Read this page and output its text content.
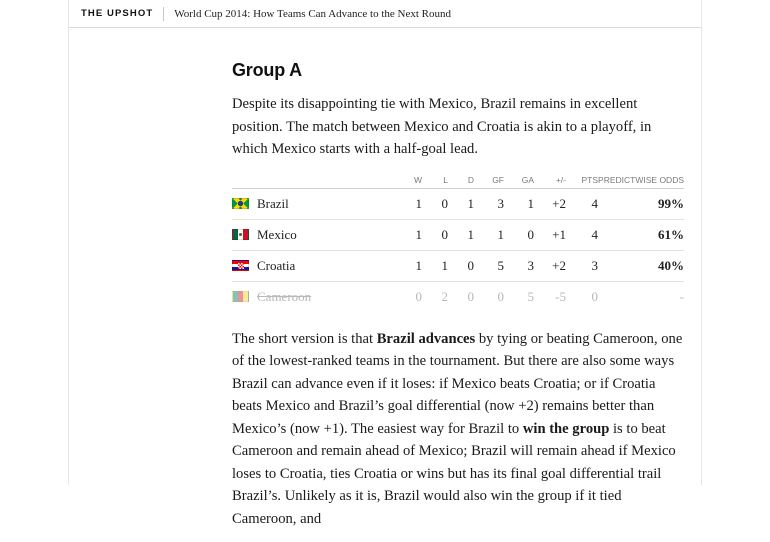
THE UPSHOT World Cup 2014: How Teams Can Advance to the Next Round
Group A

Despite its disappointing tie with Mexico, Brazil remains in excellent position. The match between Mexico and Croatia is akin to a playoff, in which Mexico starts with a half-goal lead.

	W	L	D	GF	GA	+/-	PTS	PREDICTWISE ODDS

Brazil	1	0	1	3	1	+2	4	99%

Mexico	1	0	1	1	0	+1	4	61%

Croatia	1	1	0	5	3	+2	3	40%

Cameroon	0	2	0	0	5	-5	0	-

The short version is that Brazil advances by tying or beating Cameroon, one of the lowest-ranked teams in the tournament. But there are also some ways Brazil can advance even if it loses: if Mexico beats Croatia; or if Croatia beats Mexico and Brazil’s goal differential (now +2) remains better than Mexico’s (now +1). The easiest way for Brazil to win the group is to beat Cameroon and remain ahead of Mexico; Brazil will remain ahead if Mexico loses to Croatia, ties Croatia or wins but has its final goal differential trail Brazil’s. Unlikely as it is, Brazil would also win the group if it tied Cameroon, and
